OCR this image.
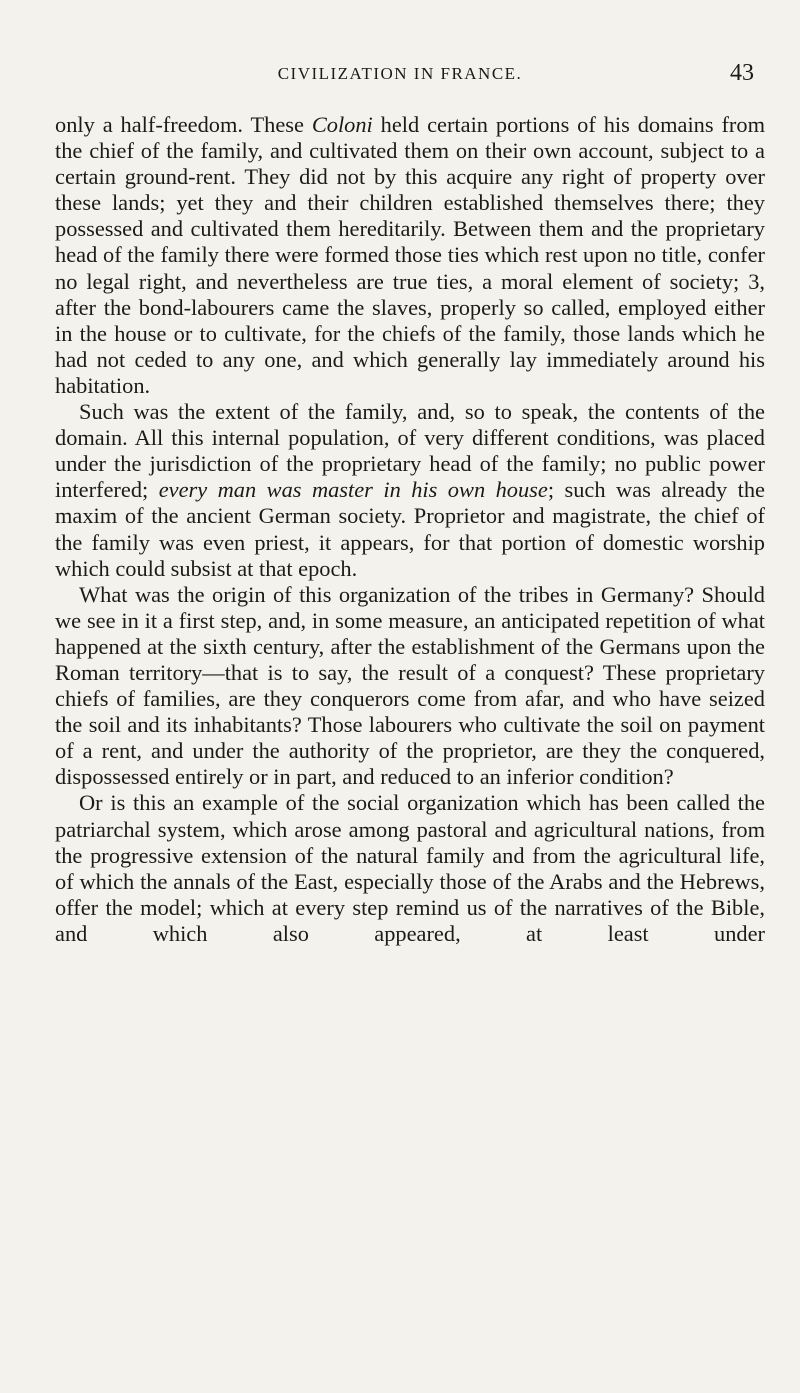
CIVILIZATION IN FRANCE.	43

only a half-freedom. These Coloni held certain portions of his domains from the chief of the family, and cultivated them on their own account, subject to a certain ground-rent. They did not by this acquire any right of property over these lands; yet they and their children established themselves there; they possessed and cultivated them hereditarily. Between them and the proprietary head of the family there were formed those ties which rest upon no title, confer no legal right, and nevertheless are true ties, a moral element of society; 3, after the bond-labourers came the slaves, properly so called, employed either in the house or to cultivate, for the chiefs of the family, those lands which he had not ceded to any one, and which generally lay immediately around his habitation.

Such was the extent of the family, and, so to speak, the contents of the domain. All this internal population, of very different conditions, was placed under the jurisdiction of the proprietary head of the family; no public power interfered; every man was master in his own house; such was already the maxim of the ancient German society. Proprietor and magistrate, the chief of the family was even priest, it appears, for that portion of domestic worship which could subsist at that epoch.

What was the origin of this organization of the tribes in Germany? Should we see in it a first step, and, in some measure, an anticipated repetition of what happened at the sixth century, after the establishment of the Germans upon the Roman territory—that is to say, the result of a conquest? These proprietary chiefs of families, are they conquerors come from afar, and who have seized the soil and its inhabitants? Those labourers who cultivate the soil on payment of a rent, and under the authority of the proprietor, are they the conquered, dispossessed entirely or in part, and reduced to an inferior condition?

Or is this an example of the social organization which has been called the patriarchal system, which arose among pastoral and agricultural nations, from the progressive extension of the natural family and from the agricultural life, of which the annals of the East, especially those of the Arabs and the Hebrews, offer the model; which at every step remind us of the narratives of the Bible, and which also appeared, at least under
